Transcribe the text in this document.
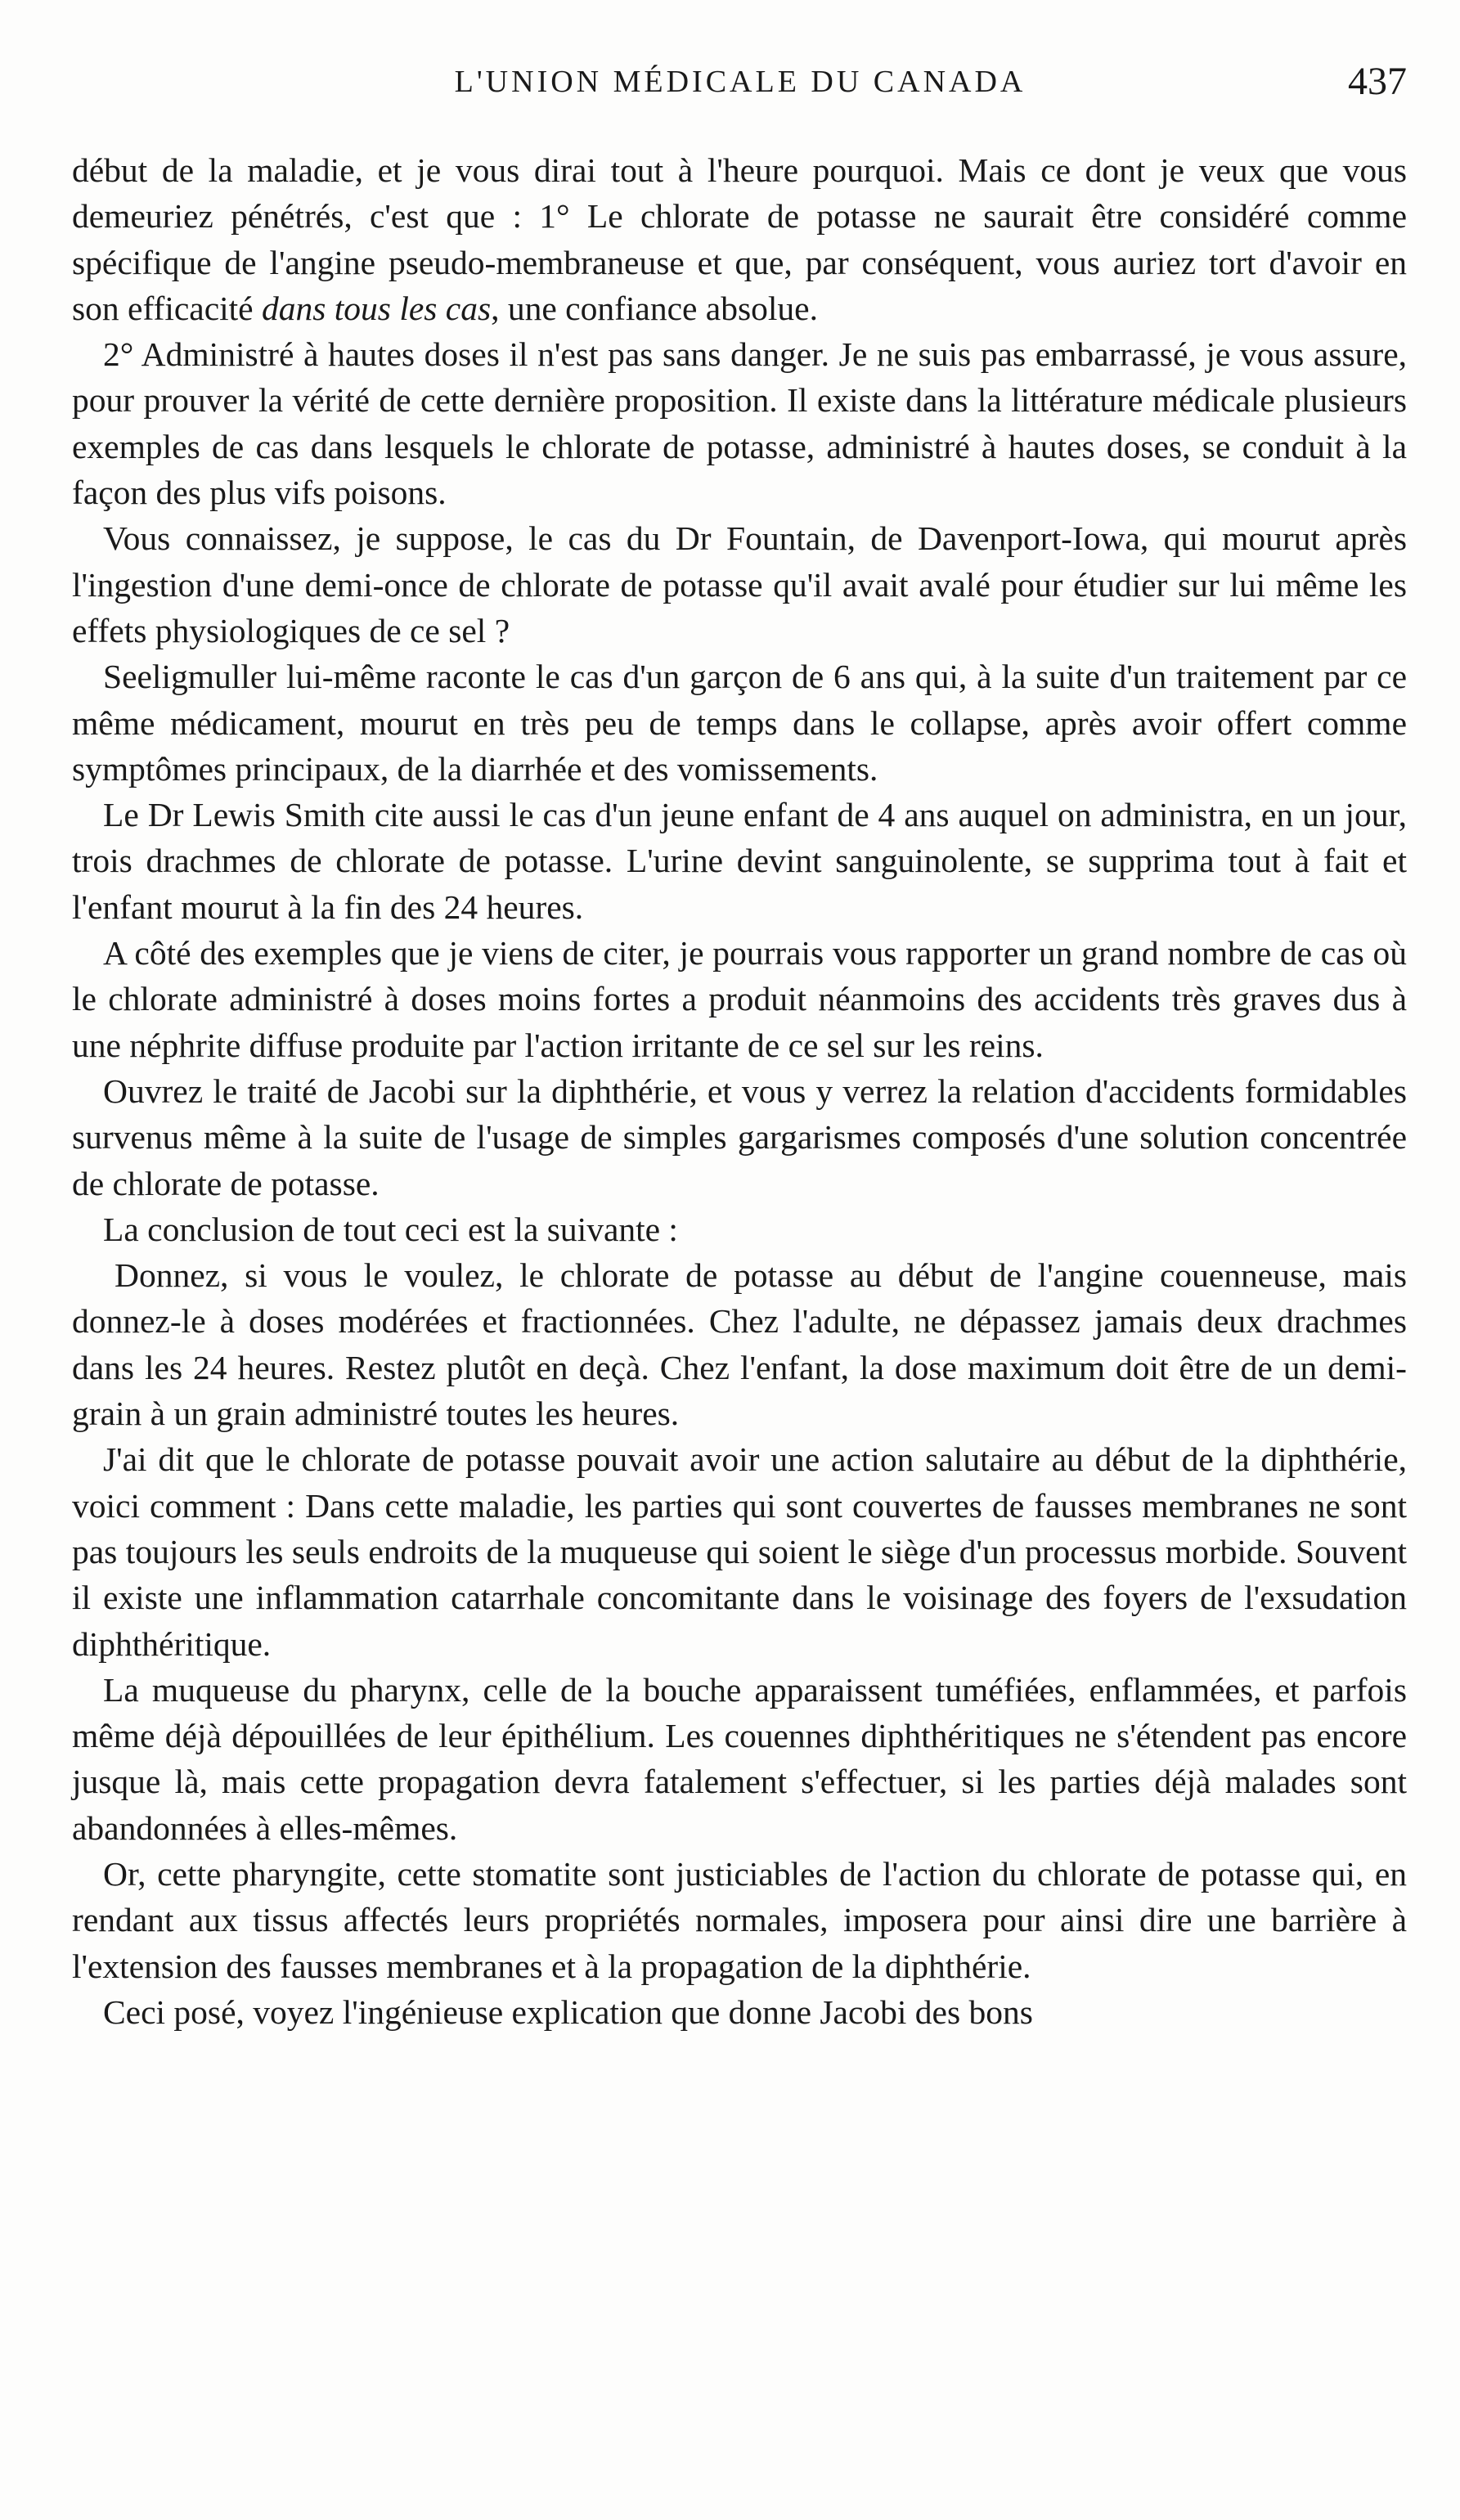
L'UNION MÉDICALE DU CANADA	437

début de la maladie, et je vous dirai tout à l'heure pourquoi. Mais ce dont je veux que vous demeuriez pénétrés, c'est que : 1° Le chlorate de potasse ne saurait être considéré comme spécifique de l'angine pseudo-membraneuse et que, par conséquent, vous auriez tort d'avoir en son efficacité dans tous les cas, une confiance absolue.

2° Administré à hautes doses il n'est pas sans danger. Je ne suis pas embarrassé, je vous assure, pour prouver la vérité de cette dernière proposition. Il existe dans la littérature médicale plusieurs exemples de cas dans lesquels le chlorate de potasse, administré à hautes doses, se conduit à la façon des plus vifs poisons.

Vous connaissez, je suppose, le cas du Dr Fountain, de Davenport-Iowa, qui mourut après l'ingestion d'une demi-once de chlorate de potasse qu'il avait avalé pour étudier sur lui même les effets physiologiques de ce sel ?

Seeligmuller lui-même raconte le cas d'un garçon de 6 ans qui, à la suite d'un traitement par ce même médicament, mourut en très peu de temps dans le collapse, après avoir offert comme symptômes principaux, de la diarrhée et des vomissements.

Le Dr Lewis Smith cite aussi le cas d'un jeune enfant de 4 ans auquel on administra, en un jour, trois drachmes de chlorate de potasse. L'urine devint sanguinolente, se supprima tout à fait et l'enfant mourut à la fin des 24 heures.

A côté des exemples que je viens de citer, je pourrais vous rapporter un grand nombre de cas où le chlorate administré à doses moins fortes a produit néanmoins des accidents très graves dus à une néphrite diffuse produite par l'action irritante de ce sel sur les reins.

Ouvrez le traité de Jacobi sur la diphthérie, et vous y verrez la relation d'accidents formidables survenus même à la suite de l'usage de simples gargarismes composés d'une solution concentrée de chlorate de potasse.

La conclusion de tout ceci est la suivante :

Donnez, si vous le voulez, le chlorate de potasse au début de l'angine couenneuse, mais donnez-le à doses modérées et fractionnées. Chez l'adulte, ne dépassez jamais deux drachmes dans les 24 heures. Restez plutôt en deçà. Chez l'enfant, la dose maximum doit être de un demi-grain à un grain administré toutes les heures.

J'ai dit que le chlorate de potasse pouvait avoir une action salutaire au début de la diphthérie, voici comment : Dans cette maladie, les parties qui sont couvertes de fausses membranes ne sont pas toujours les seuls endroits de la muqueuse qui soient le siège d'un processus morbide. Souvent il existe une inflammation catarrhale concomitante dans le voisinage des foyers de l'exsudation diphthéritique.

La muqueuse du pharynx, celle de la bouche apparaissent tuméfiées, enflammées, et parfois même déjà dépouillées de leur épithélium. Les couennes diphthéritiques ne s'étendent pas encore jusque là, mais cette propagation devra fatalement s'effectuer, si les parties déjà malades sont abandonnées à elles-mêmes.

Or, cette pharyngite, cette stomatite sont justiciables de l'action du chlorate de potasse qui, en rendant aux tissus affectés leurs propriétés normales, imposera pour ainsi dire une barrière à l'extension des fausses membranes et à la propagation de la diphthérie.

Ceci posé, voyez l'ingénieuse explication que donne Jacobi des bons
